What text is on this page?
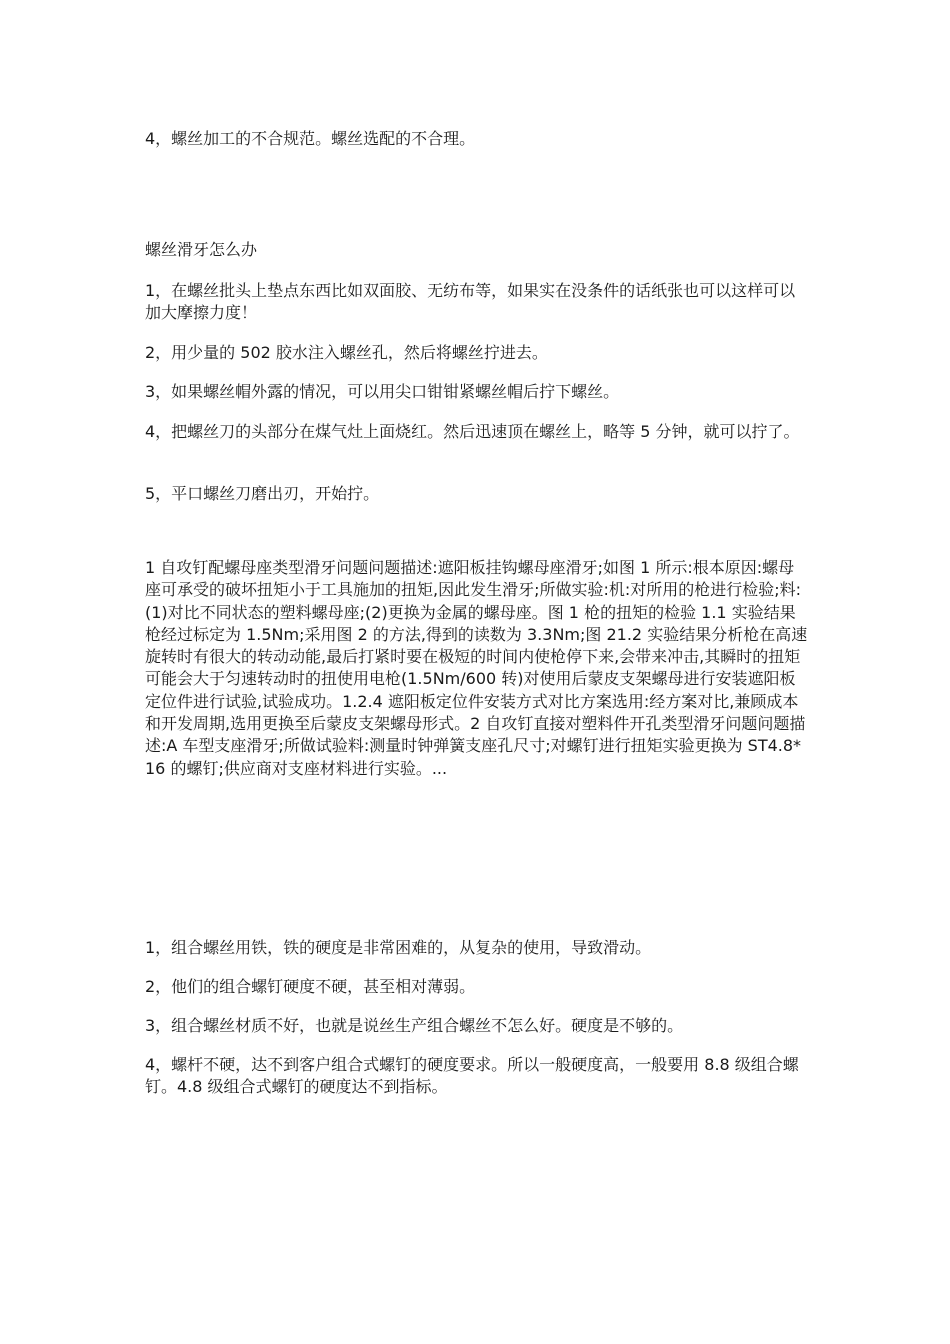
4，螺丝加工的不合规范。螺丝选配的不合理。

螺丝滑牙怎么办

1，在螺丝批头上垫点东西比如双面胶、无纺布等，如果实在没条件的话纸张也可以这样可以加大摩擦力度！

2，用少量的 502 胶水注入螺丝孔，然后将螺丝拧进去。

3，如果螺丝帽外露的情况，可以用尖口钳钳紧螺丝帽后拧下螺丝。

4，把螺丝刀的头部分在煤气灶上面烧红。然后迅速顶在螺丝上，略等 5 分钟，就可以拧了。

5，平口螺丝刀磨出刃，开始拧。

1 自攻钉配螺母座类型滑牙问题问题描述:遮阳板挂钩螺母座滑牙;如图 1 所示:根本原因:螺母座可承受的破坏扭矩小于工具施加的扭矩,因此发生滑牙;所做实验:机:对所用的枪进行检验;料:(1)对比不同状态的塑料螺母座;(2)更换为金属的螺母座。图 1 枪的扭矩的检验 1.1 实验结果枪经过标定为 1.5Nm;采用图 2 的方法,得到的读数为 3.3Nm;图 21.2 实验结果分析枪在高速旋转时有很大的转动动能,最后打紧时要在极短的时间内使枪停下来,会带来冲击,其瞬时的扭矩可能会大于匀速转动时的扭使用电枪(1.5Nm/600 转)对使用后蒙皮支架螺母进行安装遮阳板定位件进行试验,试验成功。1.2.4 遮阳板定位件安装方式对比方案选用:经方案对比,兼顾成本和开发周期,选用更换至后蒙皮支架螺母形式。2 自攻钉直接对塑料件开孔类型滑牙问题问题描述:A 车型支座滑牙;所做试验料:测量时钟弹簧支座孔尺寸;对螺钉进行扭矩实验更换为 ST4.8*16 的螺钉;供应商对支座材料进行实验。...

1，组合螺丝用铁，铁的硬度是非常困难的，从复杂的使用，导致滑动。

2，他们的组合螺钉硬度不硬，甚至相对薄弱。

3，组合螺丝材质不好，也就是说丝生产组合螺丝不怎么好。硬度是不够的。

4，螺杆不硬，达不到客户组合式螺钉的硬度要求。所以一般硬度高，一般要用 8.8 级组合螺钉。4.8 级组合式螺钉的硬度达不到指标。
